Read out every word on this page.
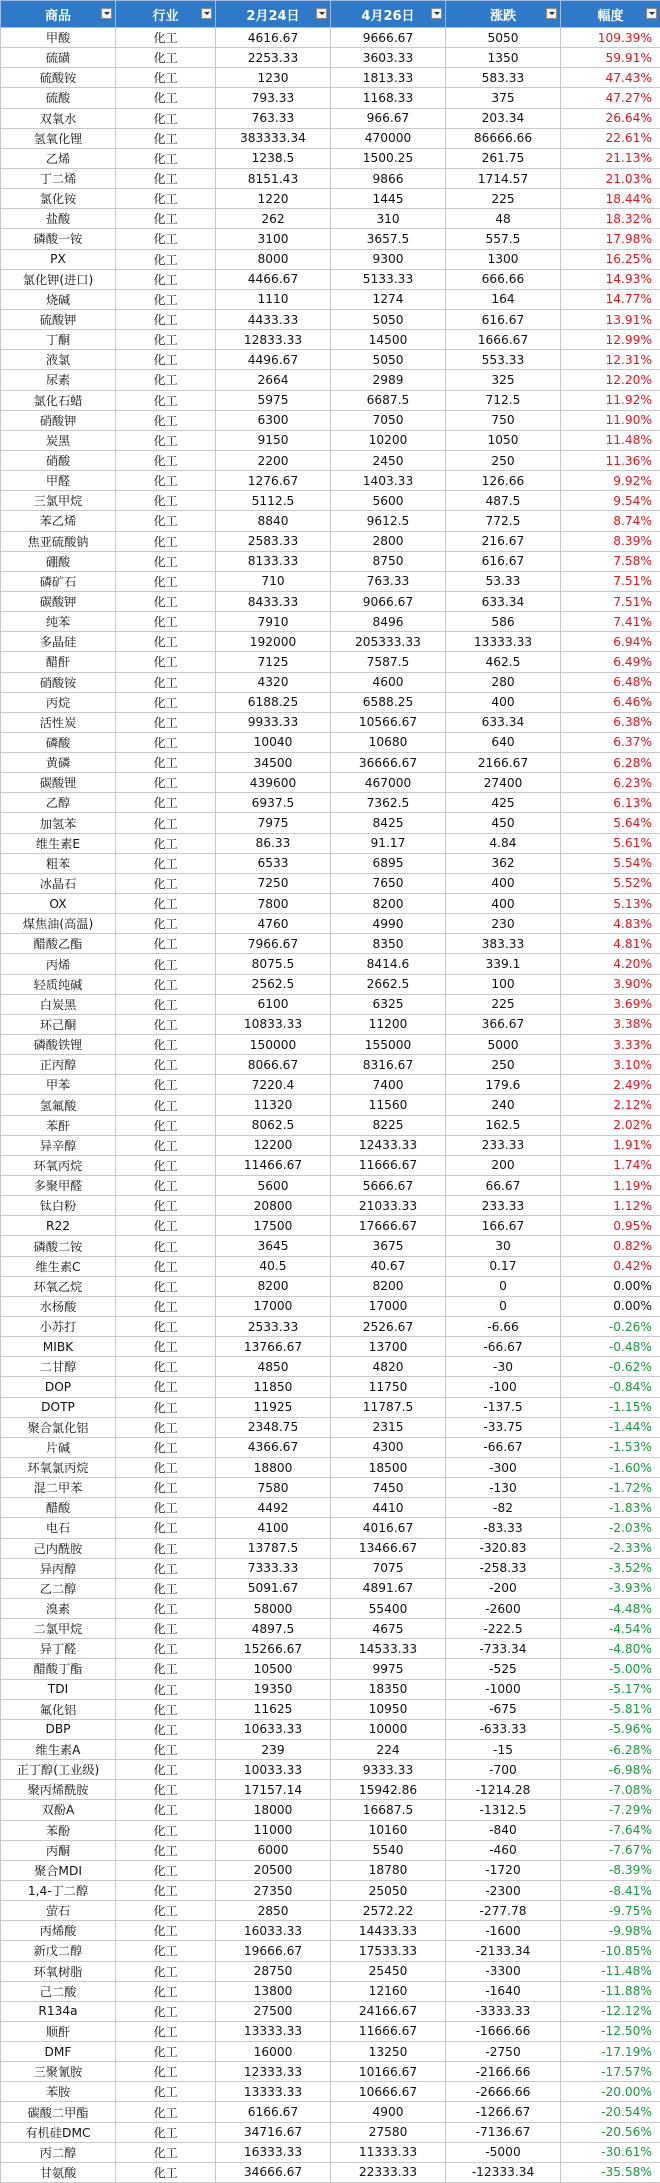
商品	行业	2月24日	4月26日	涨跌	幅度

甲酸	化工	4616.67	9666.67	5050	109.39%
硫磺	化工	2253.33	3603.33	1350	59.91%
硫酸铵	化工	1230	1813.33	583.33	47.43%
硫酸	化工	793.33	1168.33	375	47.27%
双氧水	化工	763.33	966.67	203.34	26.64%
氢氧化锂	化工	383333.34	470000	86666.66	22.61%
乙烯	化工	1238.5	1500.25	261.75	21.13%
丁二烯	化工	8151.43	9866	1714.57	21.03%
氯化铵	化工	1220	1445	225	18.44%
盐酸	化工	262	310	48	18.32%
磷酸一铵	化工	3100	3657.5	557.5	17.98%
PX	化工	8000	9300	1300	16.25%
氯化钾(进口)	化工	4466.67	5133.33	666.66	14.93%
烧碱	化工	1110	1274	164	14.77%
硫酸钾	化工	4433.33	5050	616.67	13.91%
丁酮	化工	12833.33	14500	1666.67	12.99%
液氯	化工	4496.67	5050	553.33	12.31%
尿素	化工	2664	2989	325	12.20%
氯化石蜡	化工	5975	6687.5	712.5	11.92%
硝酸钾	化工	6300	7050	750	11.90%
炭黑	化工	9150	10200	1050	11.48%
硝酸	化工	2200	2450	250	11.36%
甲醛	化工	1276.67	1403.33	126.66	9.92%
三氯甲烷	化工	5112.5	5600	487.5	9.54%
苯乙烯	化工	8840	9612.5	772.5	8.74%
焦亚硫酸钠	化工	2583.33	2800	216.67	8.39%
硼酸	化工	8133.33	8750	616.67	7.58%
磷矿石	化工	710	763.33	53.33	7.51%
碳酸钾	化工	8433.33	9066.67	633.34	7.51%
纯苯	化工	7910	8496	586	7.41%
多晶硅	化工	192000	205333.33	13333.33	6.94%
醋酐	化工	7125	7587.5	462.5	6.49%
硝酸铵	化工	4320	4600	280	6.48%
丙烷	化工	6188.25	6588.25	400	6.46%
活性炭	化工	9933.33	10566.67	633.34	6.38%
磷酸	化工	10040	10680	640	6.37%
黄磷	化工	34500	36666.67	2166.67	6.28%
碳酸锂	化工	439600	467000	27400	6.23%
乙醇	化工	6937.5	7362.5	425	6.13%
加氢苯	化工	7975	8425	450	5.64%
维生素E	化工	86.33	91.17	4.84	5.61%
粗苯	化工	6533	6895	362	5.54%
冰晶石	化工	7250	7650	400	5.52%
OX	化工	7800	8200	400	5.13%
煤焦油(高温)	化工	4760	4990	230	4.83%
醋酸乙酯	化工	7966.67	8350	383.33	4.81%
丙烯	化工	8075.5	8414.6	339.1	4.20%
轻质纯碱	化工	2562.5	2662.5	100	3.90%
白炭黑	化工	6100	6325	225	3.69%
环己酮	化工	10833.33	11200	366.67	3.38%
磷酸铁锂	化工	150000	155000	5000	3.33%
正丙醇	化工	8066.67	8316.67	250	3.10%
甲苯	化工	7220.4	7400	179.6	2.49%
氢氟酸	化工	11320	11560	240	2.12%
苯酐	化工	8062.5	8225	162.5	2.02%
异辛醇	化工	12200	12433.33	233.33	1.91%
环氧丙烷	化工	11466.67	11666.67	200	1.74%
多聚甲醛	化工	5600	5666.67	66.67	1.19%
钛白粉	化工	20800	21033.33	233.33	1.12%
R22	化工	17500	17666.67	166.67	0.95%
磷酸二铵	化工	3645	3675	30	0.82%
维生素C	化工	40.5	40.67	0.17	0.42%
环氧乙烷	化工	8200	8200	0	0.00%
水杨酸	化工	17000	17000	0	0.00%
小苏打	化工	2533.33	2526.67	-6.66	-0.26%
MIBK	化工	13766.67	13700	-66.67	-0.48%
二甘醇	化工	4850	4820	-30	-0.62%
DOP	化工	11850	11750	-100	-0.84%
DOTP	化工	11925	11787.5	-137.5	-1.15%
聚合氯化铝	化工	2348.75	2315	-33.75	-1.44%
片碱	化工	4366.67	4300	-66.67	-1.53%
环氧氯丙烷	化工	18800	18500	-300	-1.60%
混二甲苯	化工	7580	7450	-130	-1.72%
醋酸	化工	4492	4410	-82	-1.83%
电石	化工	4100	4016.67	-83.33	-2.03%
己内酰胺	化工	13787.5	13466.67	-320.83	-2.33%
异丙醇	化工	7333.33	7075	-258.33	-3.52%
乙二醇	化工	5091.67	4891.67	-200	-3.93%
溴素	化工	58000	55400	-2600	-4.48%
二氯甲烷	化工	4897.5	4675	-222.5	-4.54%
异丁醛	化工	15266.67	14533.33	-733.34	-4.80%
醋酸丁酯	化工	10500	9975	-525	-5.00%
TDI	化工	19350	18350	-1000	-5.17%
氟化铝	化工	11625	10950	-675	-5.81%
DBP	化工	10633.33	10000	-633.33	-5.96%
维生素A	化工	239	224	-15	-6.28%
正丁醇(工业级)	化工	10033.33	9333.33	-700	-6.98%
聚丙烯酰胺	化工	17157.14	15942.86	-1214.28	-7.08%
双酚A	化工	18000	16687.5	-1312.5	-7.29%
苯酚	化工	11000	10160	-840	-7.64%
丙酮	化工	6000	5540	-460	-7.67%
聚合MDI	化工	20500	18780	-1720	-8.39%
1,4-丁二醇	化工	27350	25050	-2300	-8.41%
萤石	化工	2850	2572.22	-277.78	-9.75%
丙烯酸	化工	16033.33	14433.33	-1600	-9.98%
新戊二醇	化工	19666.67	17533.33	-2133.34	-10.85%
环氧树脂	化工	28750	25450	-3300	-11.48%
己二酸	化工	13800	12160	-1640	-11.88%
R134a	化工	27500	24166.67	-3333.33	-12.12%
顺酐	化工	13333.33	11666.67	-1666.66	-12.50%
DMF	化工	16000	13250	-2750	-17.19%
三聚氰胺	化工	12333.33	10166.67	-2166.66	-17.57%
苯胺	化工	13333.33	10666.67	-2666.66	-20.00%
碳酸二甲酯	化工	6166.67	4900	-1266.67	-20.54%
有机硅DMC	化工	34716.67	27580	-7136.67	-20.56%
丙二醇	化工	16333.33	11333.33	-5000	-30.61%
甘氨酸	化工	34666.67	22333.33	-12333.34	-35.58%
